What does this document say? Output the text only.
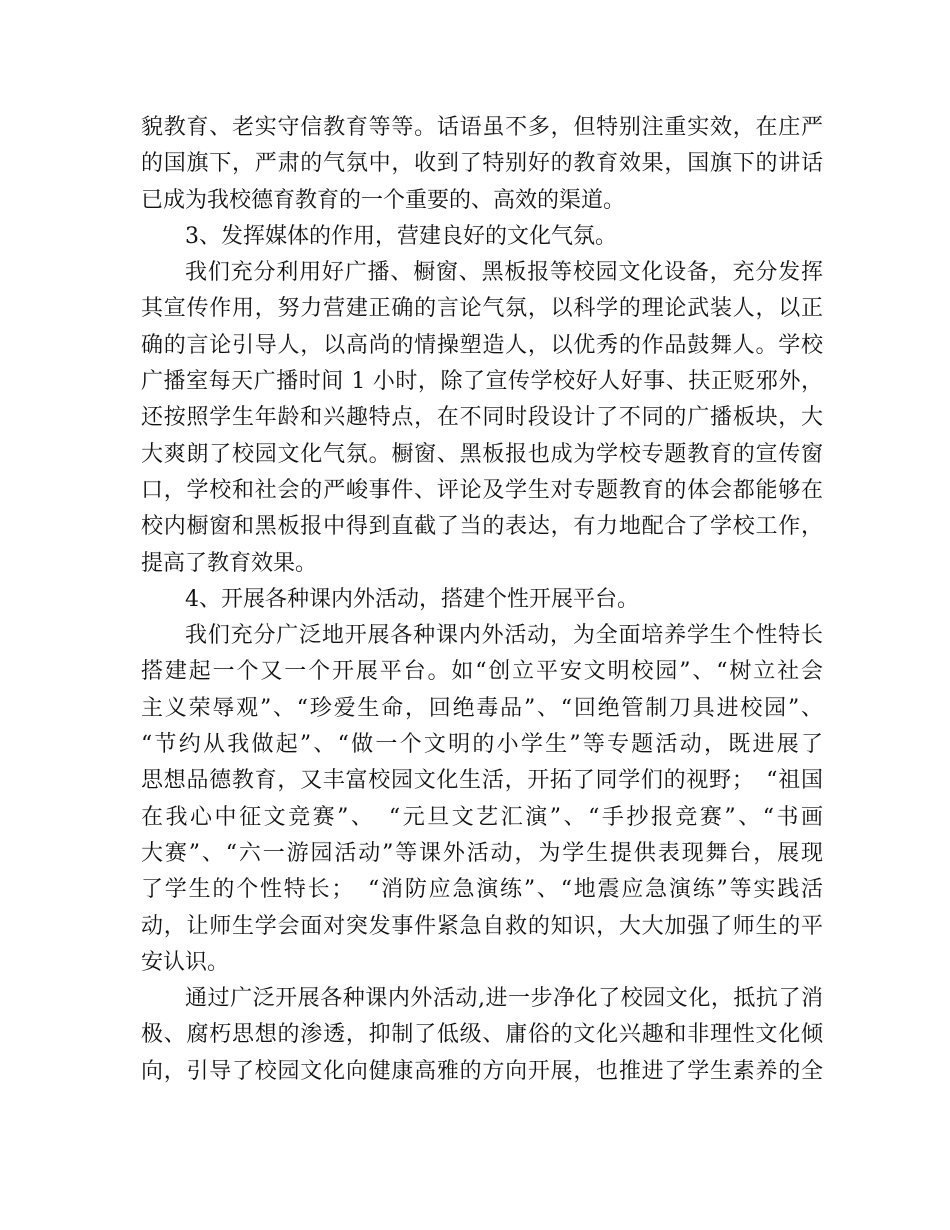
貌教育、老实守信教育等等。话语虽不多，但特别注重实效，在庄严
的国旗下，严肃的气氛中，收到了特别好的教育效果，国旗下的讲话
已成为我校德育教育的一个重要的、高效的渠道。
3、发挥媒体的作用，营建良好的文化气氛。
我们充分利用好广播、橱窗、黑板报等校园文化设备，充分发挥
其宣传作用，努力营建正确的言论气氛，以科学的理论武装人，以正
确的言论引导人，以高尚的情操塑造人，以优秀的作品鼓舞人。学校
广播室每天广播时间 1 小时，除了宣传学校好人好事、扶正贬邪外，
还按照学生年龄和兴趣特点，在不同时段设计了不同的广播板块，大
大爽朗了校园文化气氛。橱窗、黑板报也成为学校专题教育的宣传窗
口，学校和社会的严峻事件、评论及学生对专题教育的体会都能够在
校内橱窗和黑板报中得到直截了当的表达，有力地配合了学校工作，
提高了教育效果。
4、开展各种课内外活动，搭建个性开展平台。
我们充分广泛地开展各种课内外活动，为全面培养学生个性特长
搭建起一个又一个开展平台。如“创立平安文明校园”、“树立社会
主义荣辱观”、“珍爱生命，回绝毒品”、“回绝管制刀具进校园”、
“节约从我做起”、“做一个文明的小学生”等专题活动，既进展了
思想品德教育，又丰富校园文化生活，开拓了同学们的视野；　“祖国
在我心中征文竞赛”、　“元旦文艺汇演”、“手抄报竞赛”、“书画
大赛”、“六一游园活动”等课外活动，为学生提供表现舞台，展现
了学生的个性特长；　“消防应急演练”、“地震应急演练”等实践活
动，让师生学会面对突发事件紧急自救的知识，大大加强了师生的平
安认识。
通过广泛开展各种课内外活动,进一步净化了校园文化，抵抗了消
极、腐朽思想的渗透，抑制了低级、庸俗的文化兴趣和非理性文化倾
向，引导了校园文化向健康高雅的方向开展，也推进了学生素养的全
